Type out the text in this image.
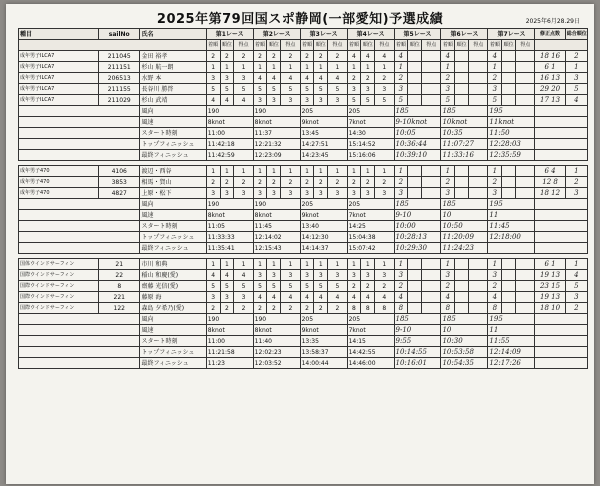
2025年第79回国スポ静岡(一部愛知)予選成績	2025年6月28.29日
種目	sailNo	氏名	第1レース			第2レース			第3レース			第4レース			第5レース			第6レース			第7レース			修正点数	総合順位
			着順	順位	得点	着順	順位	得点	着順	順位	得点	着順	順位	得点	着順	順位	得点	着順	順位	得点	着順	順位	得点		
成年男子ILCA7	211045	金田 裕孝	2	2	2	2	2	2	2	2	2	4	4	4	4			4			4			18 16	2
成年男子ILCA7	211151	杉山 航一朗	1	1	1	1	1	1	1	1	1	1	1	1	1			1			1			6 1	1
成年男子ILCA7	206513	水野 本	3	3	3	4	4	4	4	4	4	2	2	2	2			2			2			16 13	3
成年男子ILCA7	211155	長谷川 勝啓	5	5	5	5	5	5	5	5	5	3	3	3	3			3			3			29 20	5
成年男子ILCA7	211029	杉山 武靖	4	4	4	3	3	3	3	3	3	5	5	5	5			5			5			17 13	4
		風向	190			190			205			205			185			185			195				
		風速	8knot			8knot			9knot			7knot			9-10knot			10knot			11knot				
		スタート時刻	11:00			11:37			13:45			14:30			10:05			10:35			11:50				
		トップフィニッシュ	11:42:18			12:21:32			14:27:51			15:14:52			10:36:44			11:07:27			12:28:03				
		最終フィニッシュ	11:42:59			12:23:09			14:23:45			15:16:06			10:39:10			11:33:16			12:35:59				

成年男子470	4106	渡辺・西谷	1	1	1	1	1	1	1	1	1	1	1	1	1			1			1			6 4	1
成年男子470	3853	相馬・賀山	2	2	2	2	2	2	2	2	2	2	2	2	2			2			2			12 8	2
成年男子470	4827	上原・松下	3	3	3	3	3	3	3	3	3	3	3	3	3			3			3			18 12	3
		風向	190			190			205			205			185			185			195				
		風速	8knot			8knot			9knot			7knot			9-10			10			11				
		スタート時刻	11:05			11:45			13:40			14:25			10:00			10:50			11:45				
		トップフィニッシュ	11:33:33			12:14:02			14:12:30			15:04:38			10:28:13			11:20:09			12:18:00				
		最終フィニッシュ	11:35:41			12:15:43			14:14:37			15:07:42			10:29:30			11:24:23							

国体ウインドサーフィン	21	市川 和典	1	1	1	1	1	1	1	1	1	1	1	1	1			1			1			6 1	1
国際ウインドサーフィン	22	稲山 和慶(愛)	4	4	4	3	3	3	3	3	3	3	3	3	3			3			3			19 13	4
国際ウインドサーフィン	8	齋藤 光信(愛)	5	5	5	5	5	5	5	5	5	2	2	2	2			2			2			23 15	5
国際ウインドサーフィン	221	藤原 海	3	3	3	4	4	4	4	4	4	4	4	4	4			4			4			19 13	3
国際ウインドサーフィン	122	森島 夕希乃(愛)	2	2	2	2	2	2	2	2	2	8	8	8	8			8			8			18 10	2
		風向	190			190			205			205			185			185			195				
		風速	8knot			8knot			9knot			7knot			9-10			10			11				
		スタート時刻	11:00			11:40			13:35			14:15			9:55			10:30			11:55				
		トップフィニッシュ	11:21:58			12:02:23			13:58:37			14:42:55			10:14:55			10:53:58			12:14:09				
		最終フィニッシュ	11:23			12:03:52			14:00:44			14:46:00			10:16:01			10:54:35			12:17:26				
